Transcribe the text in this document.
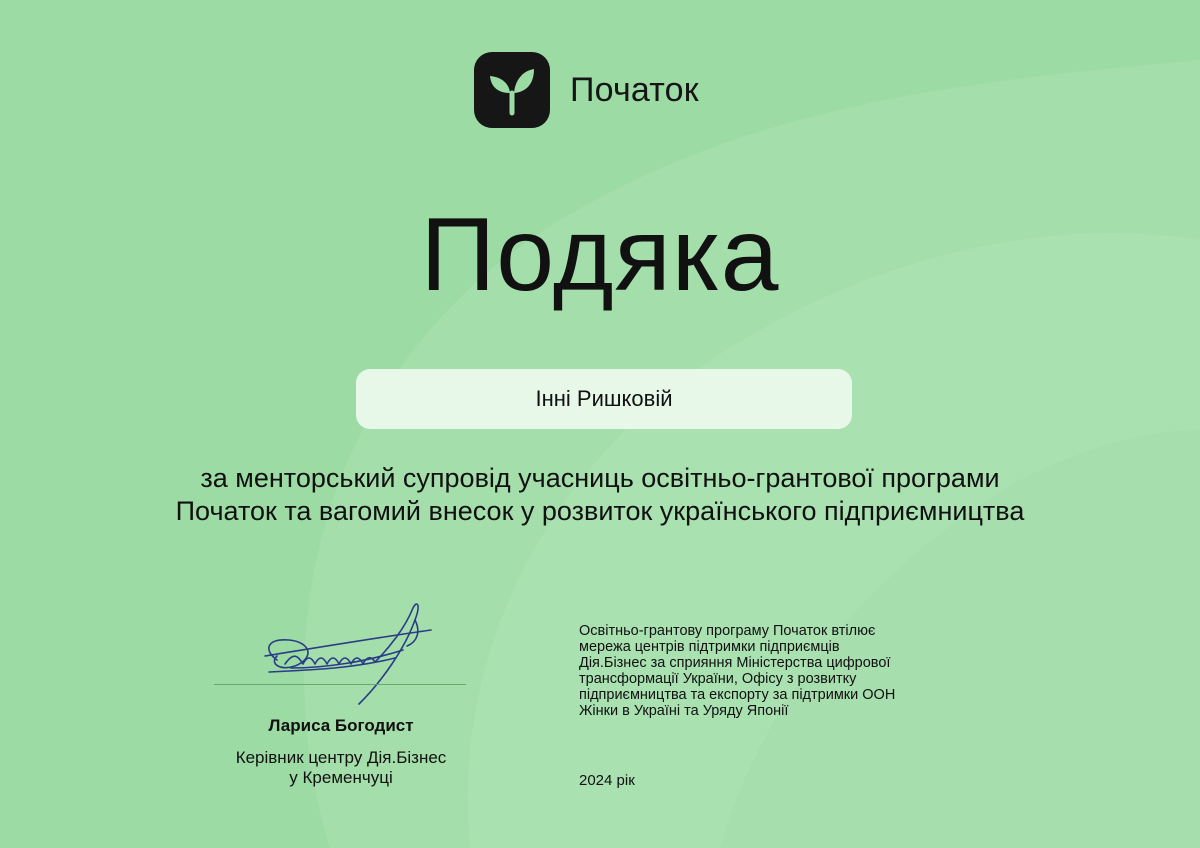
Початок
Подяка
Інні Ришковій
за менторський супровід учасниць освітньо-грантової програми Початок та вагомий внесок у розвиток українського підприємництва
Лариса Богодист
Керівник центру Дія.Бізнес
у Кременчуці
Освітньо-грантову програму Початок втілює
мережа центрів підтримки підприємців
Дія.Бізнес за сприяння Міністерства цифрової
трансформації України, Офісу з розвитку
підприємництва та експорту за підтримки ООН
Жінки в Україні та Уряду Японії
2024 рік
